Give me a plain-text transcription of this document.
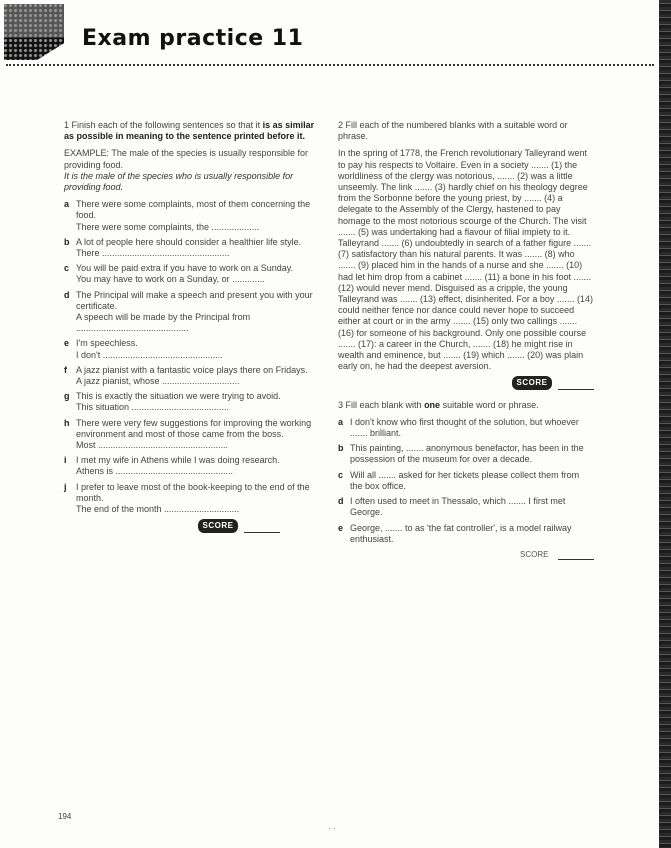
Exam practice 11

1 Finish each of the following sentences so that it is as similar as possible in meaning to the sentence printed before it.

EXAMPLE: The male of the species is usually responsible for providing food.
It is the male of the species who is usually responsible for providing food.

a There were some complaints, most of them concerning the food.
There were some complaints, the ...................
b A lot of people here should consider a healthier life style.
There ...................................................
c You will be paid extra if you have to work on a Sunday.
You may have to work on a Sunday, or .............
d The Principal will make a speech and present you with your certificate.
A speech will be made by the Principal from .............................................
e I'm speechless.
I don't ................................................
f A jazz pianist with a fantastic voice plays there on Fridays.
A jazz pianist, whose ...............................
g This is exactly the situation we were trying to avoid.
This situation .......................................
h There were very few suggestions for improving the working environment and most of those came from the boss.
Most ....................................................
i I met my wife in Athens while I was doing research.
Athens is ...............................................
j I prefer to leave most of the book-keeping to the end of the month.
The end of the month ..............................
SCORE

2 Fill each of the numbered blanks with a suitable word or phrase.

In the spring of 1778, the French revolutionary Talleyrand went to pay his respects to Voltaire. Even in a society ....... (1) the worldliness of the clergy was notorious, ....... (2) was a little unseemly. The link ....... (3) hardly chief on his theology degree from the Sorbonne before the young priest, by ....... (4) a delegate to the Assembly of the Clergy, hastened to pay homage to the most notorious scourge of the Church. The visit ....... (5) was undertaking had a flavour of filial impiety to it. Talleyrand ....... (6) undoubtedly in search of a father figure ....... (7) satisfactory than his natural parents. It was ....... (8) who ....... (9) placed him in the hands of a nurse and she ....... (10) had let him drop from a cabinet ....... (11) a bone in his foot ....... (12) would never mend. Disguised as a cripple, the young Talleyrand was ....... (13) effect, disinherited. For a boy ....... (14) could neither fence nor dance could never hope to succeed either at court or in the army ....... (15) only two callings ....... (16) for someone of his background. Only one possible course ....... (17): a career in the Church, ....... (18) he might rise in wealth and eminence, but ....... (19) which ....... (20) was plain early on, he had the deepest aversion.

SCORE

3 Fill each blank with one suitable word or phrase.

a I don't know who first thought of the solution, but whoever ....... brilliant.
b This painting, ....... anonymous benefactor, has been in the possession of the museum for over a decade.
c Will all ....... asked for her tickets please collect them from the box office.
d I often used to meet in Thessalo, which ....... I first met George.
e George, ....... to as 'the fat controller', is a model railway enthusiast.
SCORE
194
· ·
